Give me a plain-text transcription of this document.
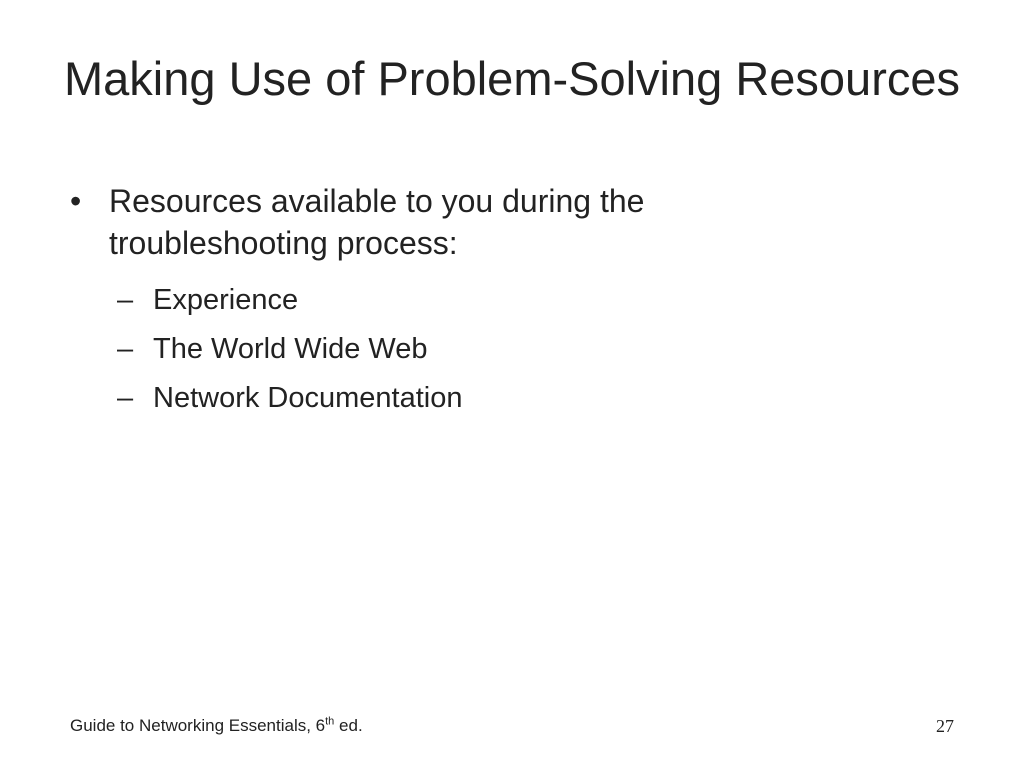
Making Use of Problem-Solving Resources
• Resources available to you during the troubleshooting process:
– Experience
– The World Wide Web
– Network Documentation
Guide to Networking Essentials, 6th ed.	27
